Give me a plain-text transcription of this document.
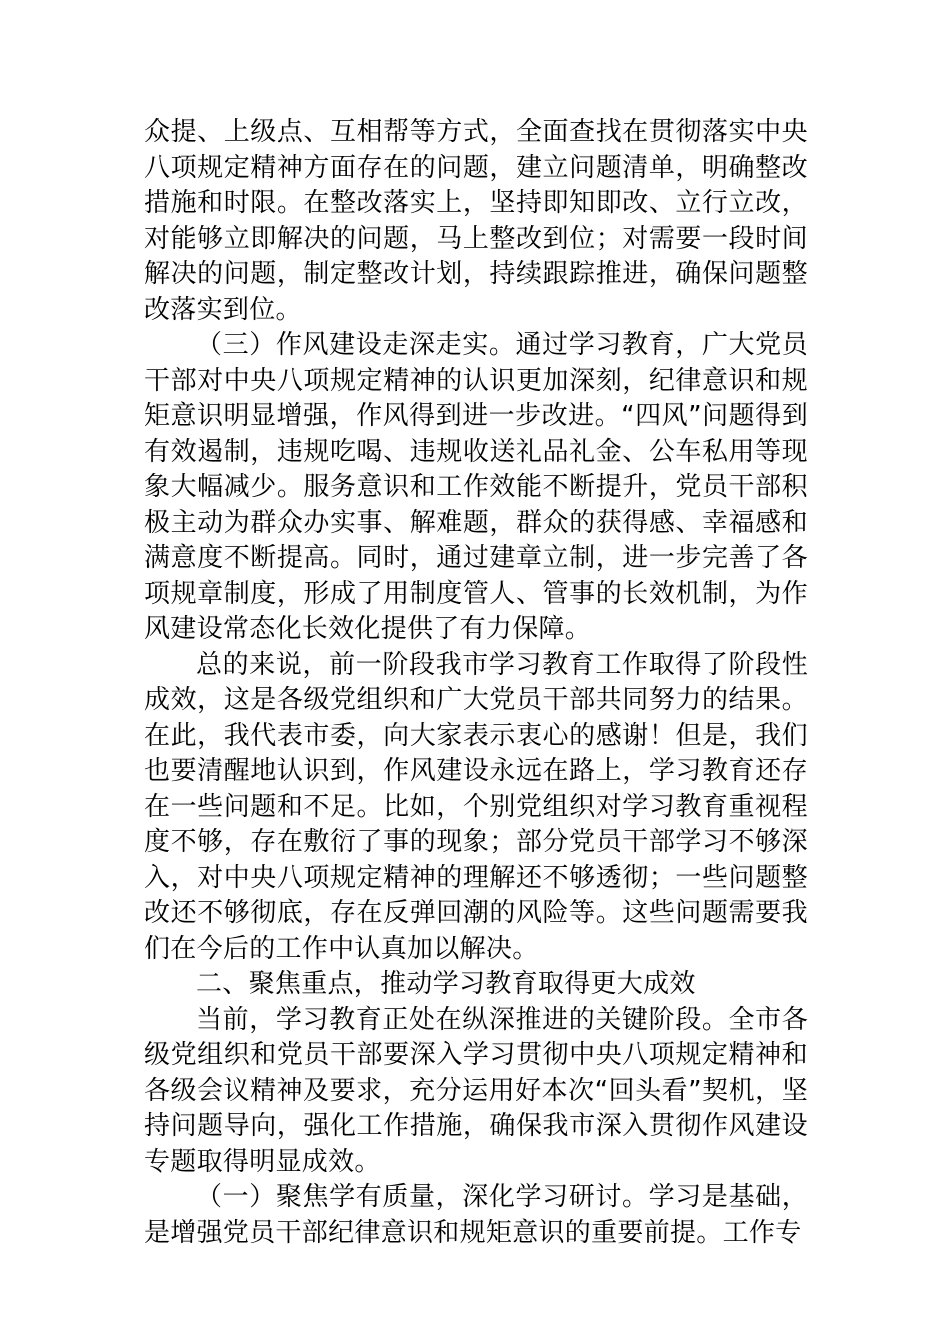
众提、上级点、互相帮等方式，全面查找在贯彻落实中央八项规定精神方面存在的问题，建立问题清单，明确整改措施和时限。在整改落实上，坚持即知即改、立行立改，对能够立即解决的问题，马上整改到位；对需要一段时间解决的问题，制定整改计划，持续跟踪推进，确保问题整改落实到位。

（三）作风建设走深走实。通过学习教育，广大党员干部对中央八项规定精神的认识更加深刻，纪律意识和规矩意识明显增强，作风得到进一步改进。“四风”问题得到有效遏制，违规吃喝、违规收送礼品礼金、公车私用等现象大幅减少。服务意识和工作效能不断提升，党员干部积极主动为群众办实事、解难题，群众的获得感、幸福感和满意度不断提高。同时，通过建章立制，进一步完善了各项规章制度，形成了用制度管人、管事的长效机制，为作风建设常态化长效化提供了有力保障。

总的来说，前一阶段我市学习教育工作取得了阶段性成效，这是各级党组织和广大党员干部共同努力的结果。在此，我代表市委，向大家表示衷心的感谢！但是，我们也要清醒地认识到，作风建设永远在路上，学习教育还存在一些问题和不足。比如，个别党组织对学习教育重视程度不够，存在敷衍了事的现象；部分党员干部学习不够深入，对中央八项规定精神的理解还不够透彻；一些问题整改还不够彻底，存在反弹回潮的风险等。这些问题需要我们在今后的工作中认真加以解决。

二、聚焦重点，推动学习教育取得更大成效

当前，学习教育正处在纵深推进的关键阶段。全市各级党组织和党员干部要深入学习贯彻中央八项规定精神和各级会议精神及要求，充分运用好本次“回头看”契机，坚持问题导向，强化工作措施，确保我市深入贯彻作风建设专题取得明显成效。

（一）聚焦学有质量，深化学习研讨。学习是基础，是增强党员干部纪律意识和规矩意识的重要前提。工作专
